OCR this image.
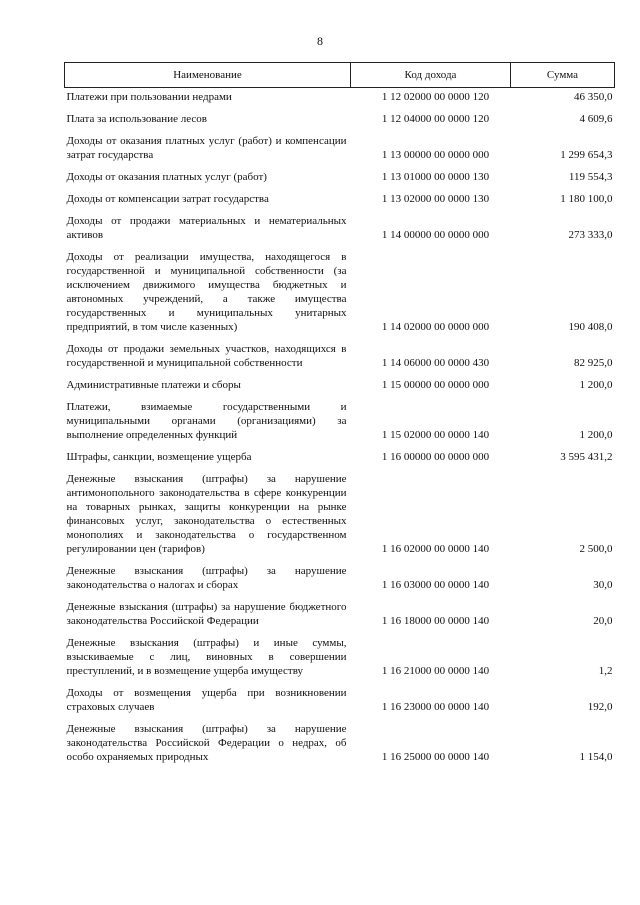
8
Наименование	Код дохода	Сумма
Платежи при пользовании недрами	1 12 02000 00 0000 120	46 350,0
Плата за использование лесов	1 12 04000 00 0000 120	4 609,6
Доходы от оказания платных услуг (работ) и компенсации затрат государства	1 13 00000 00 0000 000	1 299 654,3
Доходы от оказания платных услуг (работ)	1 13 01000 00 0000 130	119 554,3
Доходы от компенсации затрат государства	1 13 02000 00 0000 130	1 180 100,0
Доходы от продажи материальных и нематериальных активов	1 14 00000 00 0000 000	273 333,0
Доходы от реализации имущества, находящегося в государственной и муниципальной собственности (за исключением движимого имущества бюджетных и автономных учреждений, а также имущества государственных и муниципальных унитарных предприятий, в том числе казенных)	1 14 02000 00 0000 000	190 408,0
Доходы от продажи земельных участков, находящихся в государственной и муниципальной собственности	1 14 06000 00 0000 430	82 925,0
Административные платежи и сборы	1 15 00000 00 0000 000	1 200,0
Платежи, взимаемые государственными и муниципальными органами (организациями) за выполнение определенных функций	1 15 02000 00 0000 140	1 200,0
Штрафы, санкции, возмещение ущерба	1 16 00000 00 0000 000	3 595 431,2
Денежные взыскания (штрафы) за нарушение антимонопольного законодательства в сфере конкуренции на товарных рынках, защиты конкуренции на рынке финансовых услуг, законодательства о естественных монополиях и законодательства о государственном регулировании цен (тарифов)	1 16 02000 00 0000 140	2 500,0
Денежные взыскания (штрафы) за нарушение законодательства о налогах и сборах	1 16 03000 00 0000 140	30,0
Денежные взыскания (штрафы) за нарушение бюджетного законодательства Российской Федерации	1 16 18000 00 0000 140	20,0
Денежные взыскания (штрафы) и иные суммы, взыскиваемые с лиц, виновных в совершении преступлений, и в возмещение ущерба имуществу	1 16 21000 00 0000 140	1,2
Доходы от возмещения ущерба при возникновении страховых случаев	1 16 23000 00 0000 140	192,0
Денежные взыскания (штрафы) за нарушение законодательства Российской Федерации о недрах, об особо охраняемых природных	1 16 25000 00 0000 140	1 154,0
